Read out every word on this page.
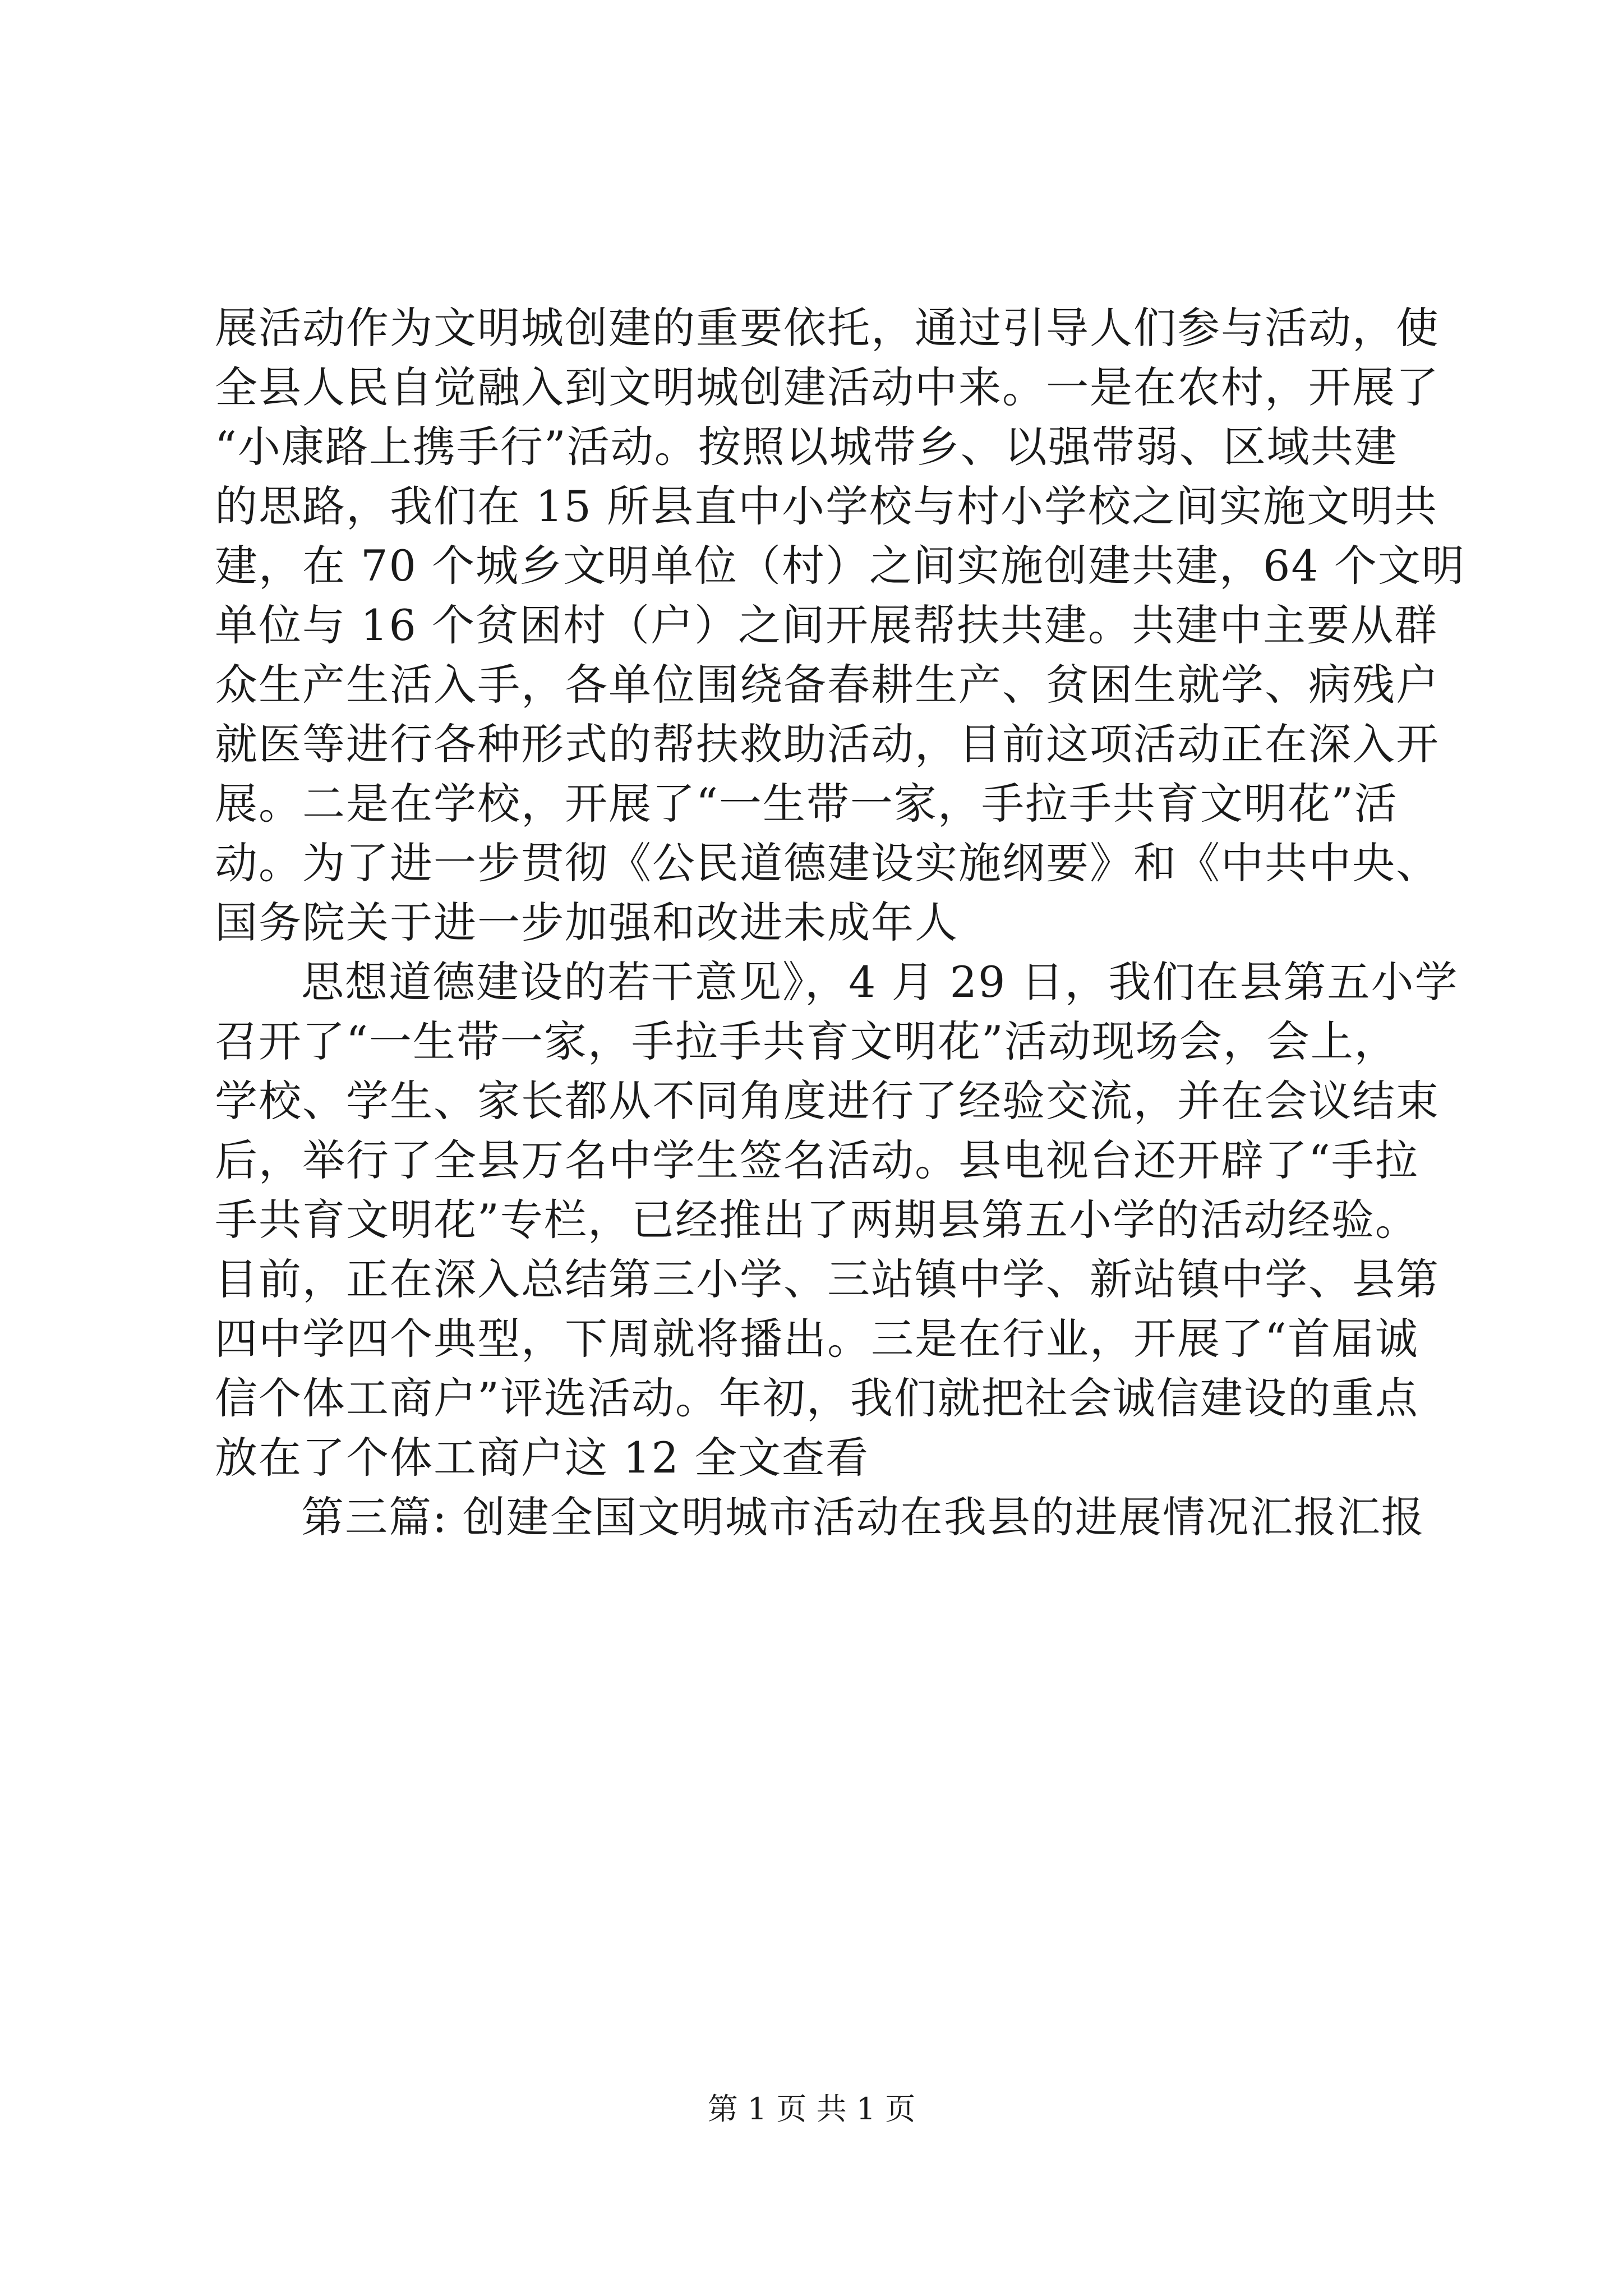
展活动作为文明城创建的重要依托，通过引导人们参与活动，使
全县人民自觉融入到文明城创建活动中来。一是在农村，开展了
“小康路上携手行”活动。按照以城带乡、以强带弱、区域共建
的思路，我们在 15 所县直中小学校与村小学校之间实施文明共
建，在 70 个城乡文明单位（村）之间实施创建共建，64 个文明
单位与 16 个贫困村（户）之间开展帮扶共建。共建中主要从群
众生产生活入手，各单位围绕备春耕生产、贫困生就学、病残户
就医等进行各种形式的帮扶救助活动，目前这项活动正在深入开
展。二是在学校，开展了“一生带一家，手拉手共育文明花”活
动。为了进一步贯彻《公民道德建设实施纲要》和《中共中央、
国务院关于进一步加强和改进未成年人
思想道德建设的若干意见》，4 月 29 日，我们在县第五小学
召开了“一生带一家，手拉手共育文明花”活动现场会，会上，
学校、学生、家长都从不同角度进行了经验交流，并在会议结束
后，举行了全县万名中学生签名活动。县电视台还开辟了“手拉
手共育文明花”专栏，已经推出了两期县第五小学的活动经验。
目前，正在深入总结第三小学、三站镇中学、新站镇中学、县第
四中学四个典型，下周就将播出。三是在行业，开展了“首届诚
信个体工商户”评选活动。年初，我们就把社会诚信建设的重点
放在了个体工商户这 12 全文查看
第三篇: 创建全国文明城市活动在我县的进展情况汇报汇报
第 1 页 共 1 页
